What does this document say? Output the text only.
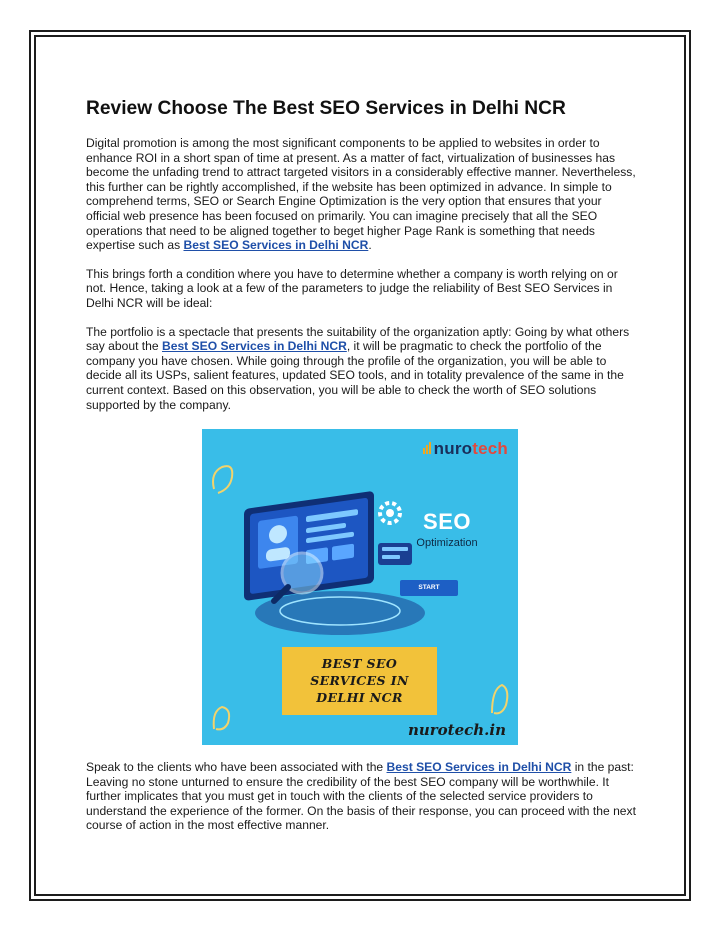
Review Choose The Best SEO Services in Delhi NCR

Digital promotion is among the most significant components to be applied to websites in order to enhance ROI in a short span of time at present. As a matter of fact, virtualization of businesses has become the unfading trend to attract targeted visitors in a considerably effective manner. Nevertheless, this further can be rightly accomplished, if the website has been optimized in advance. In simple to comprehend terms, SEO or Search Engine Optimization is the very option that ensures that your official web presence has been focused on primarily. You can imagine precisely that all the SEO operations that need to be aligned together to beget higher Page Rank is something that needs expertise such as Best SEO Services in Delhi NCR.

This brings forth a condition where you have to determine whether a company is worth relying on or not. Hence, taking a look at a few of the parameters to judge the reliability of Best SEO Services in Delhi NCR will be ideal:

The portfolio is a spectacle that presents the suitability of the organization aptly: Going by what others say about the Best SEO Services in Delhi NCR, it will be pragmatic to check the portfolio of the company you have chosen. While going through the profile of the organization, you will be able to decide all its USPs, salient features, updated SEO tools, and in totality prevalence of the same in the current context. Based on this observation, you will be able to check the worth of SEO solutions supported by the company.

nurotech
SEO
Optimization
START
BEST SEO
SERVICES IN
DELHI NCR
nurotech.in

Speak to the clients who have been associated with the Best SEO Services in Delhi NCR in the past: Leaving no stone unturned to ensure the credibility of the best SEO company will be worthwhile. It further implicates that you must get in touch with the clients of the selected service providers to understand the experience of the former. On the basis of their response, you can proceed with the next course of action in the most effective manner.
